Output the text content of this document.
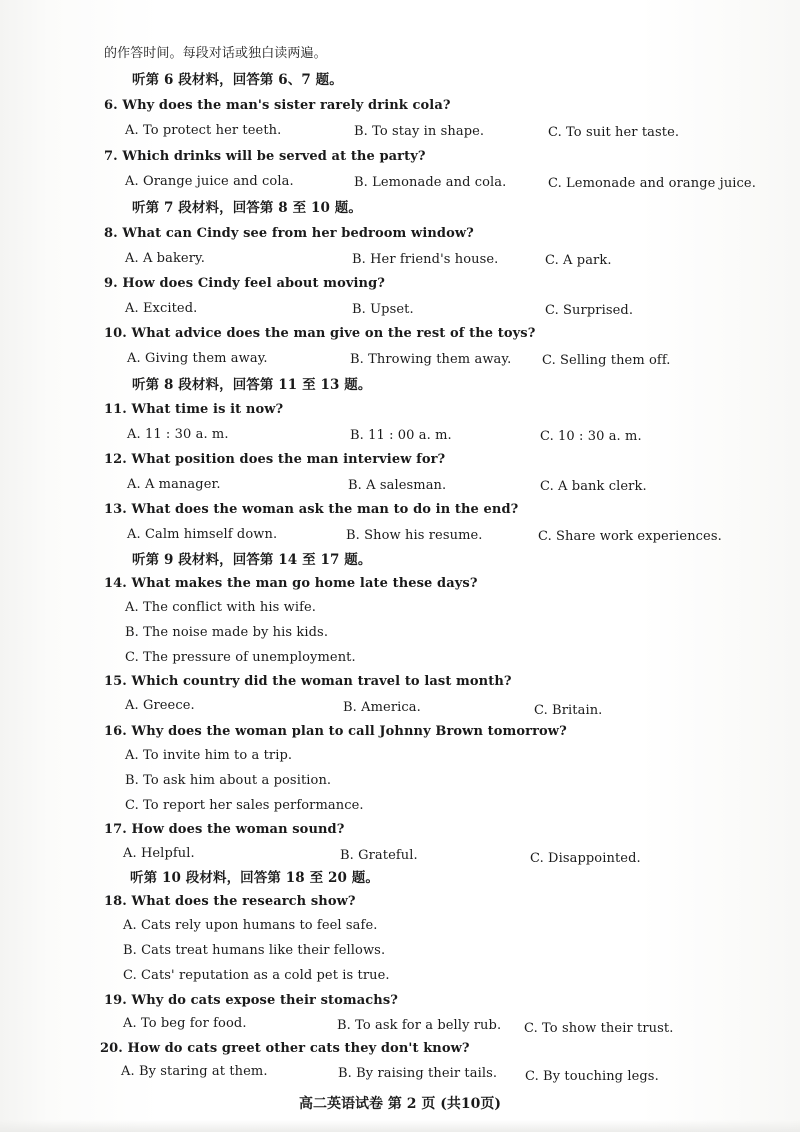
的作答时间。每段对话或独白读两遍。
听第 6 段材料，回答第 6、7 题。
6. Why does the man's sister rarely drink cola?
A. To protect her teeth.	B. To stay in shape.	C. To suit her taste.
7. Which drinks will be served at the party?
A. Orange juice and cola.	B. Lemonade and cola.	C. Lemonade and orange juice.
听第 7 段材料，回答第 8 至 10 题。
8. What can Cindy see from her bedroom window?
A. A bakery.	B. Her friend's house.	C. A park.
9. How does Cindy feel about moving?
A. Excited.	B. Upset.	C. Surprised.
10. What advice does the man give on the rest of the toys?
A. Giving them away.	B. Throwing them away. C. Selling them off.
听第 8 段材料，回答第 11 至 13 题。
11. What time is it now?
A. 11 : 30 a. m.	B. 11 : 00 a. m.	C. 10 : 30 a. m.
12. What position does the man interview for?
A. A manager.	B. A salesman.	C. A bank clerk.
13. What does the woman ask the man to do in the end?
A. Calm himself down.	B. Show his resume.	C. Share work experiences.
听第 9 段材料，回答第 14 至 17 题。
14. What makes the man go home late these days?
A. The conflict with his wife.
B. The noise made by his kids.
C. The pressure of unemployment.
15. Which country did the woman travel to last month?
A. Greece.	B. America.	C. Britain.
16. Why does the woman plan to call Johnny Brown tomorrow?
A. To invite him to a trip.
B. To ask him about a position.
C. To report her sales performance.
17. How does the woman sound?
A. Helpful.	B. Grateful.	C. Disappointed.
听第 10 段材料，回答第 18 至 20 题。
18. What does the research show?
A. Cats rely upon humans to feel safe.
B. Cats treat humans like their fellows.
C. Cats' reputation as a cold pet is true.
19. Why do cats expose their stomachs?
A. To beg for food.	B. To ask for a belly rub. C. To show their trust.
20. How do cats greet other cats they don't know?
A. By staring at them.	B. By raising their tails. C. By touching legs.
高二英语试卷 第 2 页 (共10页)
